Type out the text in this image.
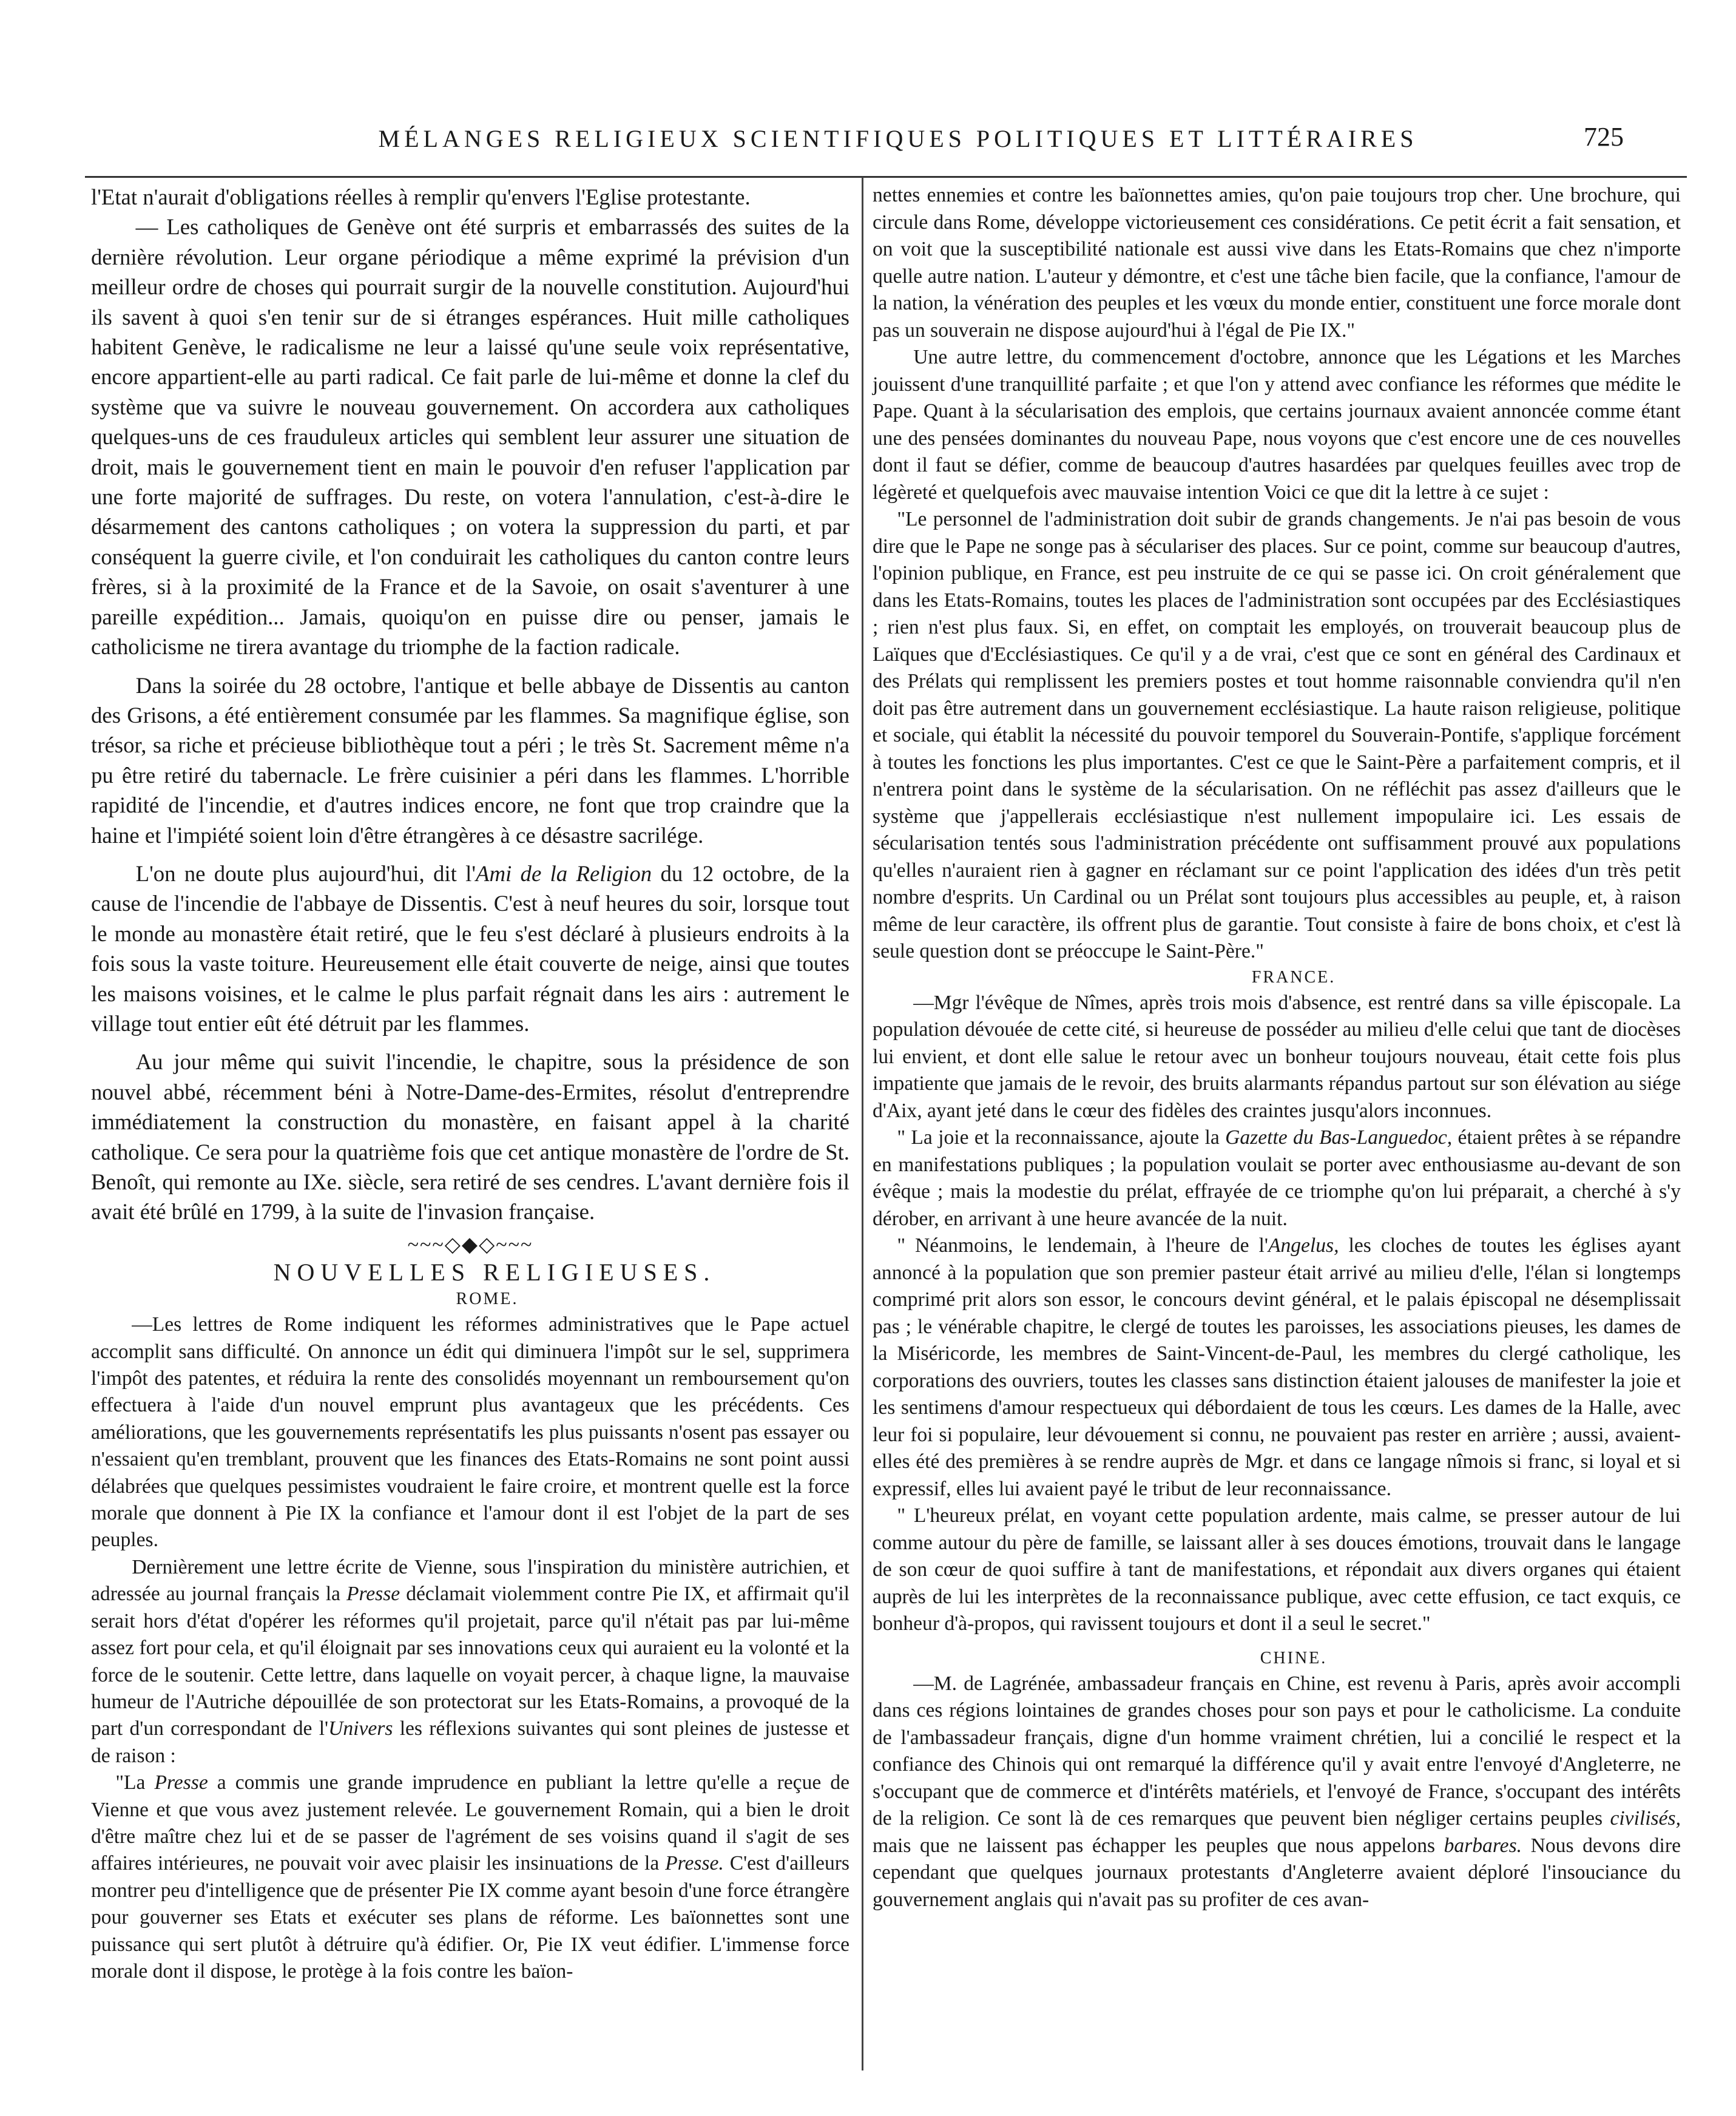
MÉLANGES RELIGIEUX SCIENTIFIQUES POLITIQUES ET LITTÉRAIRES	725

l'Etat n'aurait d'obligations réelles à remplir qu'envers l'Eglise protestante.

— Les catholiques de Genève ont été surpris et embarrassés des suites de la dernière révolution. Leur organe périodique a même exprimé la prévision d'un meilleur ordre de choses qui pourrait surgir de la nouvelle constitution. Aujourd'hui ils savent à quoi s'en tenir sur de si étranges espérances. Huit mille catholiques habitent Genève, le radicalisme ne leur a laissé qu'une seule voix représentative, encore appartient-elle au parti radical. Ce fait parle de lui-même et donne la clef du système que va suivre le nouveau gouvernement. On accordera aux catholiques quelques-uns de ces frauduleux articles qui semblent leur assurer une situation de droit, mais le gouvernement tient en main le pouvoir d'en refuser l'application par une forte majorité de suffrages. Du reste, on votera l'annulation, c'est-à-dire le désarmement des cantons catholiques ; on votera la suppression du parti, et par conséquent la guerre civile, et l'on conduirait les catholiques du canton contre leurs frères, si à la proximité de la France et de la Savoie, on osait s'aventurer à une pareille expédition... Jamais, quoiqu'on en puisse dire ou penser, jamais le catholicisme ne tirera avantage du triomphe de la faction radicale.

Dans la soirée du 28 octobre, l'antique et belle abbaye de Dissentis au canton des Grisons, a été entièrement consumée par les flammes. Sa magnifique église, son trésor, sa riche et précieuse bibliothèque tout a péri ; le très St. Sacrement même n'a pu être retiré du tabernacle. Le frère cuisinier a péri dans les flammes. L'horrible rapidité de l'incendie, et d'autres indices encore, ne font que trop craindre que la haine et l'impiété soient loin d'être étrangères à ce désastre sacrilége.

L'on ne doute plus aujourd'hui, dit l'Ami de la Religion du 12 octobre, de la cause de l'incendie de l'abbaye de Dissentis. C'est à neuf heures du soir, lorsque tout le monde au monastère était retiré, que le feu s'est déclaré à plusieurs endroits à la fois sous la vaste toiture. Heureusement elle était couverte de neige, ainsi que toutes les maisons voisines, et le calme le plus parfait régnait dans les airs : autrement le village tout entier eût été détruit par les flammes.

Au jour même qui suivit l'incendie, le chapitre, sous la présidence de son nouvel abbé, récemment béni à Notre-Dame-des-Ermites, résolut d'entreprendre immédiatement la construction du monastère, en faisant appel à la charité catholique. Ce sera pour la quatrième fois que cet antique monastère de l'ordre de St. Benoît, qui remonte au IXe. siècle, sera retiré de ses cendres. L'avant dernière fois il avait été brûlé en 1799, à la suite de l'invasion française.

~~~◇◆◇~~~

NOUVELLES RELIGIEUSES.

ROME.

—Les lettres de Rome indiquent les réformes administratives que le Pape actuel accomplit sans difficulté. On annonce un édit qui diminuera l'impôt sur le sel, supprimera l'impôt des patentes, et réduira la rente des consolidés moyennant un remboursement qu'on effectuera à l'aide d'un nouvel emprunt plus avantageux que les précédents. Ces améliorations, que les gouvernements représentatifs les plus puissants n'osent pas essayer ou n'essaient qu'en tremblant, prouvent que les finances des Etats-Romains ne sont point aussi délabrées que quelques pessimistes voudraient le faire croire, et montrent quelle est la force morale que donnent à Pie IX la confiance et l'amour dont il est l'objet de la part de ses peuples.

Dernièrement une lettre écrite de Vienne, sous l'inspiration du ministère autrichien, et adressée au journal français la Presse déclamait violemment contre Pie IX, et affirmait qu'il serait hors d'état d'opérer les réformes qu'il projetait, parce qu'il n'était pas par lui-même assez fort pour cela, et qu'il éloignait par ses innovations ceux qui auraient eu la volonté et la force de le soutenir. Cette lettre, dans laquelle on voyait percer, à chaque ligne, la mauvaise humeur de l'Autriche dépouillée de son protectorat sur les Etats-Romains, a provoqué de la part d'un correspondant de l'Univers les réflexions suivantes qui sont pleines de justesse et de raison :

"La Presse a commis une grande imprudence en publiant la lettre qu'elle a reçue de Vienne et que vous avez justement relevée. Le gouvernement Romain, qui a bien le droit d'être maître chez lui et de se passer de l'agrément de ses voisins quand il s'agit de ses affaires intérieures, ne pouvait voir avec plaisir les insinuations de la Presse. C'est d'ailleurs montrer peu d'intelligence que de présenter Pie IX comme ayant besoin d'une force étrangère pour gouverner ses Etats et exécuter ses plans de réforme. Les baïonnettes sont une puissance qui sert plutôt à détruire qu'à édifier. Or, Pie IX veut édifier. L'immense force morale dont il dispose, le protège à la fois contre les baïon-

nettes ennemies et contre les baïonnettes amies, qu'on paie toujours trop cher. Une brochure, qui circule dans Rome, développe victorieusement ces considérations. Ce petit écrit a fait sensation, et on voit que la susceptibilité nationale est aussi vive dans les Etats-Romains que chez n'importe quelle autre nation. L'auteur y démontre, et c'est une tâche bien facile, que la confiance, l'amour de la nation, la vénération des peuples et les vœux du monde entier, constituent une force morale dont pas un souverain ne dispose aujourd'hui à l'égal de Pie IX."

Une autre lettre, du commencement d'octobre, annonce que les Légations et les Marches jouissent d'une tranquillité parfaite ; et que l'on y attend avec confiance les réformes que médite le Pape. Quant à la sécularisation des emplois, que certains journaux avaient annoncée comme étant une des pensées dominantes du nouveau Pape, nous voyons que c'est encore une de ces nouvelles dont il faut se défier, comme de beaucoup d'autres hasardées par quelques feuilles avec trop de légèreté et quelquefois avec mauvaise intention Voici ce que dit la lettre à ce sujet :

"Le personnel de l'administration doit subir de grands changements. Je n'ai pas besoin de vous dire que le Pape ne songe pas à séculariser des places. Sur ce point, comme sur beaucoup d'autres, l'opinion publique, en France, est peu instruite de ce qui se passe ici. On croit généralement que dans les Etats-Romains, toutes les places de l'administration sont occupées par des Ecclésiastiques ; rien n'est plus faux. Si, en effet, on comptait les employés, on trouverait beaucoup plus de Laïques que d'Ecclésiastiques. Ce qu'il y a de vrai, c'est que ce sont en général des Cardinaux et des Prélats qui remplissent les premiers postes et tout homme raisonnable conviendra qu'il n'en doit pas être autrement dans un gouvernement ecclésiastique. La haute raison religieuse, politique et sociale, qui établit la nécessité du pouvoir temporel du Souverain-Pontife, s'applique forcément à toutes les fonctions les plus importantes. C'est ce que le Saint-Père a parfaitement compris, et il n'entrera point dans le système de la sécularisation. On ne réfléchit pas assez d'ailleurs que le système que j'appellerais ecclésiastique n'est nullement impopulaire ici. Les essais de sécularisation tentés sous l'administration précédente ont suffisamment prouvé aux populations qu'elles n'auraient rien à gagner en réclamant sur ce point l'application des idées d'un très petit nombre d'esprits. Un Cardinal ou un Prélat sont toujours plus accessibles au peuple, et, à raison même de leur caractère, ils offrent plus de garantie. Tout consiste à faire de bons choix, et c'est là seule question dont se préoccupe le Saint-Père."

FRANCE.

—Mgr l'évêque de Nîmes, après trois mois d'absence, est rentré dans sa ville épiscopale. La population dévouée de cette cité, si heureuse de posséder au milieu d'elle celui que tant de diocèses lui envient, et dont elle salue le retour avec un bonheur toujours nouveau, était cette fois plus impatiente que jamais de le revoir, des bruits alarmants répandus partout sur son élévation au siége d'Aix, ayant jeté dans le cœur des fidèles des craintes jusqu'alors inconnues.

" La joie et la reconnaissance, ajoute la Gazette du Bas-Languedoc, étaient prêtes à se répandre en manifestations publiques ; la population voulait se porter avec enthousiasme au-devant de son évêque ; mais la modestie du prélat, effrayée de ce triomphe qu'on lui préparait, a cherché à s'y dérober, en arrivant à une heure avancée de la nuit.

" Néanmoins, le lendemain, à l'heure de l'Angelus, les cloches de toutes les églises ayant annoncé à la population que son premier pasteur était arrivé au milieu d'elle, l'élan si longtemps comprimé prit alors son essor, le concours devint général, et le palais épiscopal ne désemplissait pas ; le vénérable chapitre, le clergé de toutes les paroisses, les associations pieuses, les dames de la Miséricorde, les membres de Saint-Vincent-de-Paul, les membres du clergé catholique, les corporations des ouvriers, toutes les classes sans distinction étaient jalouses de manifester la joie et les sentimens d'amour respectueux qui débordaient de tous les cœurs. Les dames de la Halle, avec leur foi si populaire, leur dévouement si connu, ne pouvaient pas rester en arrière ; aussi, avaient-elles été des premières à se rendre auprès de Mgr. et dans ce langage nîmois si franc, si loyal et si expressif, elles lui avaient payé le tribut de leur reconnaissance.

" L'heureux prélat, en voyant cette population ardente, mais calme, se presser autour de lui comme autour du père de famille, se laissant aller à ses douces émotions, trouvait dans le langage de son cœur de quoi suffire à tant de manifestations, et répondait aux divers organes qui étaient auprès de lui les interprètes de la reconnaissance publique, avec cette effusion, ce tact exquis, ce bonheur d'à-propos, qui ravissent toujours et dont il a seul le secret."

CHINE.

—M. de Lagrénée, ambassadeur français en Chine, est revenu à Paris, après avoir accompli dans ces régions lointaines de grandes choses pour son pays et pour le catholicisme. La conduite de l'ambassadeur français, digne d'un homme vraiment chrétien, lui a concilié le respect et la confiance des Chinois qui ont remarqué la différence qu'il y avait entre l'envoyé d'Angleterre, ne s'occupant que de commerce et d'intérêts matériels, et l'envoyé de France, s'occupant des intérêts de la religion. Ce sont là de ces remarques que peuvent bien négliger certains peuples civilisés, mais que ne laissent pas échapper les peuples que nous appelons barbares. Nous devons dire cependant que quelques journaux protestants d'Angleterre avaient déploré l'insouciance du gouvernement anglais qui n'avait pas su profiter de ces avan-
